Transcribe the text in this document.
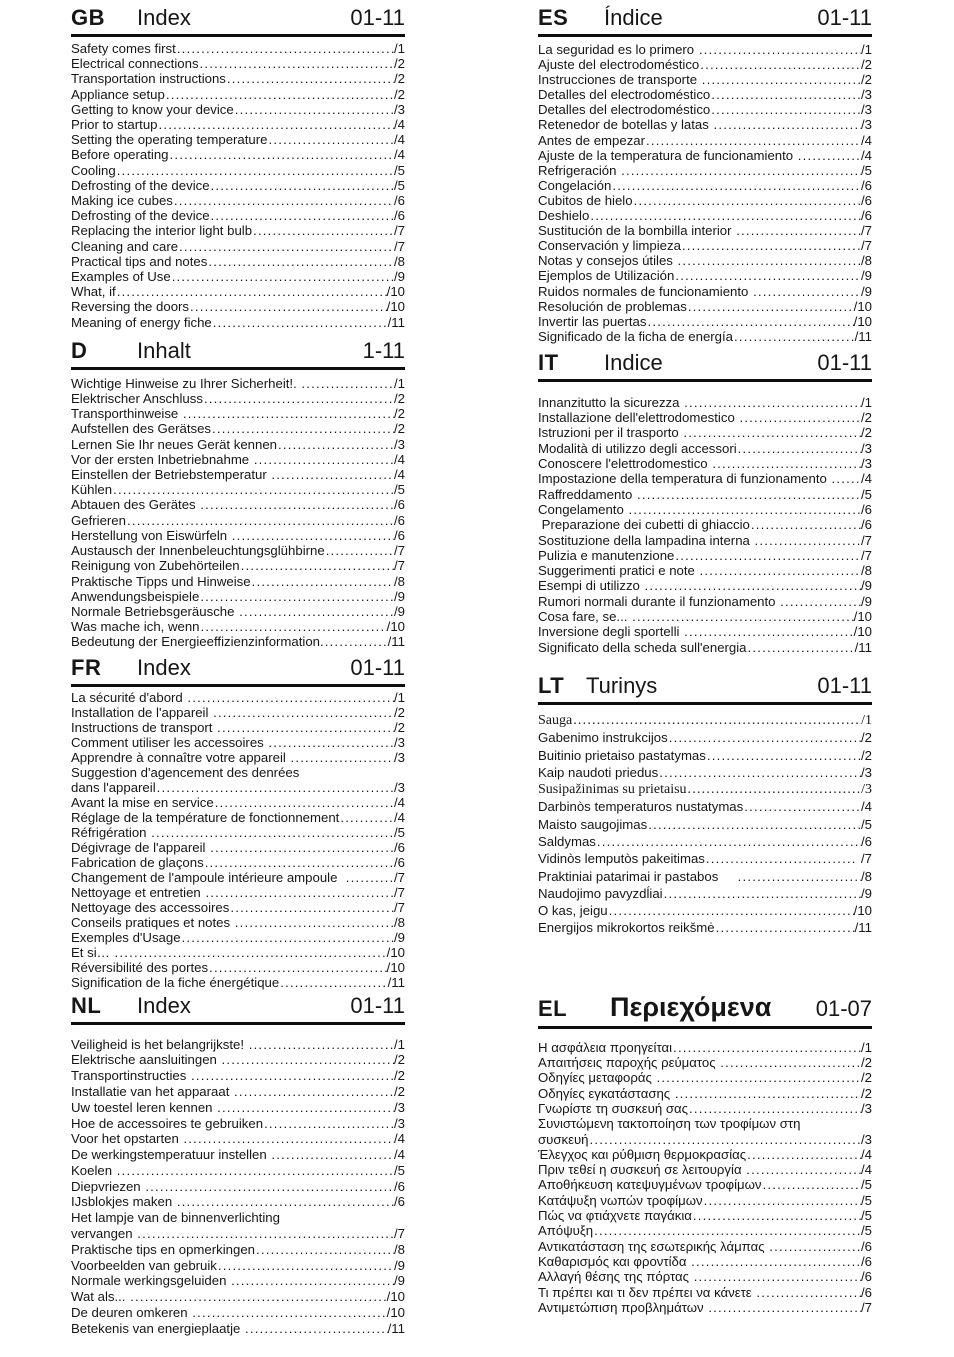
GB	Index	01-11
Safety comes first .....	/1
Electrical connections .....	/2
Transportation instructions .....	/2
Appliance setup .....	/2
Getting to know your device .....	/3
Prior to startup .....	/4
Setting the operating temperature .....	/4
Before operating .....	/4
Cooling .....	/5
Defrosting of the device .....	/5
Making ice cubes .....	/6
Defrosting of the device .....	/6
Replacing the interior light bulb .....	/7
Cleaning and care .....	/7
Practical tips and notes .....	/8
Examples of Use .....	/9
What, if .....	/10
Reversing the doors .....	/10
Meaning of energy fiche .....	/11
D	Inhalt	1-11
Wichtige Hinweise zu Ihrer Sicherheit!. .....	/1
Elektrischer Anschluss .....	/2
Transporthinweise .....	/2
Aufstellen des Gerätses .....	/2
Lernen Sie Ihr neues Gerät kennen .....	/3
Vor der ersten Inbetriebnahme .....	/4
Einstellen der Betriebstemperatur .....	/4
Kühlen .....	/5
Abtauen des Gerätes .....	/6
Gefrieren .....	/6
Herstellung von Eiswürfeln .....	/6
Austausch der Innenbeleuchtungsglühbirne .....	/7
Reinigung von Zubehörteilen .....	/7
Praktische Tipps und Hinweise .....	/8
Anwendungsbeispiele .....	/9
Normale Betriebsgeräusche .....	/9
Was mache ich, wenn .....	/10
Bedeutung der Energieeffizienzinformation. .....	/11
FR	Index	01-11
La sécurité d'abord .....	/1
Installation de l'appareil .....	/2
Instructions de transport .....	/2
Comment utiliser les accessoires .....	/3
Apprendre à connaître votre appareil .....	/3
Suggestion d'agencement des denrées
dans l'appareil .....	/3
Avant la mise en service .....	/4
Réglage de la température de fonctionnement .....	/4
Réfrigération .....	/5
Dégivrage de l'appareil .....	/6
Fabrication de glaçons .....	/6
Changement de l'ampoule intérieure ampoule .....	/7
Nettoyage et entretien .....	/7
Nettoyage des accessoires .....	/7
Conseils pratiques et notes .....	/8
Exemples d'Usage .....	/9
Et si… .....	/10
Réversibilité des portes .....	/10
Signification de la fiche énergétique .....	/11
NL	Index	01-11
Veiligheid is het belangrijkste! .....	/1
Elektrische aansluitingen .....	/2
Transportinstructies .....	/2
Installatie van het apparaat .....	/2
Uw toestel leren kennen .....	/3
Hoe de accessoires te gebruiken .....	/3
Voor het opstarten .....	/4
De werkingstemperatuur instellen .....	/4
Koelen .....	/5
Diepvriezen .....	/6
IJsblokjes maken .....	/6
Het lampje van de binnenverlichting
vervangen .....	/7
Praktische tips en opmerkingen .....	/8
Voorbeelden van gebruik .....	/9
Normale werkingsgeluiden .....	/9
Wat als... .....	/10
De deuren omkeren .....	/10
Betekenis van energieplaatje .....	/11
ES	Índice	01-11
La seguridad es lo primero .....	/1
Ajuste del electrodoméstico .....	/2
Instrucciones de transporte .....	/2
Detalles del electrodoméstico .....	/3
Detalles del electrodoméstico .....	/3
Retenedor de botellas y latas .....	/3
Antes de empezar .....	/4
Ajuste de la temperatura de funcionamiento .....	/4
Refrigeración .....	/5
Congelación .....	/6
Cubitos de hielo .....	/6
Deshielo .....	/6
Sustitución de la bombilla interior .....	/7
Conservación y limpieza .....	/7
Notas y consejos útiles .....	/8
Ejemplos de Utilización .....	/9
Ruidos normales de funcionamiento .....	/9
Resolución de problemas .....	/10
Invertir las puertas .....	/10
Significado de la ficha de energía .....	/11
IT	Indice	01-11
Innanzitutto la sicurezza .....	/1
Installazione dell'elettrodomestico .....	/2
Istruzioni per il trasporto .....	/2
Modalità di utilizzo degli accessori .....	/3
Conoscere l'elettrodomestico .....	/3
Impostazione della temperatura di funzionamento ..... /4
Raffreddamento .....	/5
Congelamento .....	/6
Preparazione dei cubetti di ghiaccio .....	/6
Sostituzione della lampadina interna .....	/7
Pulizia e manutenzione .....	/7
Suggerimenti pratici e note .....	/8
Esempi di utilizzo .....	/9
Rumori normali durante il funzionamento .....	/9
Cosa fare, se... .....	/10
Inversione degli sportelli .....	/10
Significato della scheda sull'energia .....	/11
LT Turinys	01-11
Sauga .....	/1
Gabenimo instrukcijos .....	/2
Buitinio prietaiso pastatymas .....	/2
Kaip naudoti priedus .....	/3
Susipažinimas su prietaisu .....	/3
Darbinòs temperaturos nustatymas .....	/4
Maisto saugojimas .....	/5
Saldymas .....	/6
Vidinòs lemputòs pakeitimas .....	/7
Praktiniai patarimai ir pastabos .....	/8
Naudojimo pavyzdĺiai .....	/9
O kas, jeigu .....	/10
Energijos mikrokortos reikšmė .....	/11
EL	Περιεχόμενα	01-07
Η ασφάλεια προηγείται .....	/1
Απαιτήσεις παροχής ρεύματος .....	/2
Οδηγίες μεταφοράς .....	/2
Οδηγίες εγκατάστασης .....	/2
Γνωρίστε τη συσκευή σας .....	/3
Συνιστώμενη τακτοποίηση των τροφίμων στη
συσκευή .....	/3
Έλεγχος και ρύθμιση θερμοκρασίας .....	/4
Πριν τεθεί η συσκευή σε λειτουργία .....	/4
Αποθήκευση κατεψυγμένων τροφίμων .....	/5
Κατάψυξη νωπών τροφίμων .....	/5
Πώς να φτιάχνετε παγάκια .....	/5
Απόψυξη .....	/5
Αντικατάσταση της εσωτερικής λάμπας .....	/6
Καθαρισμός και φροντίδα .....	/6
Αλλαγή θέσης της πόρτας .....	/6
Τι πρέπει και τι δεν πρέπει να κάνετε .....	/6
Αντιμετώπιση προβλημάτων .....	/7
